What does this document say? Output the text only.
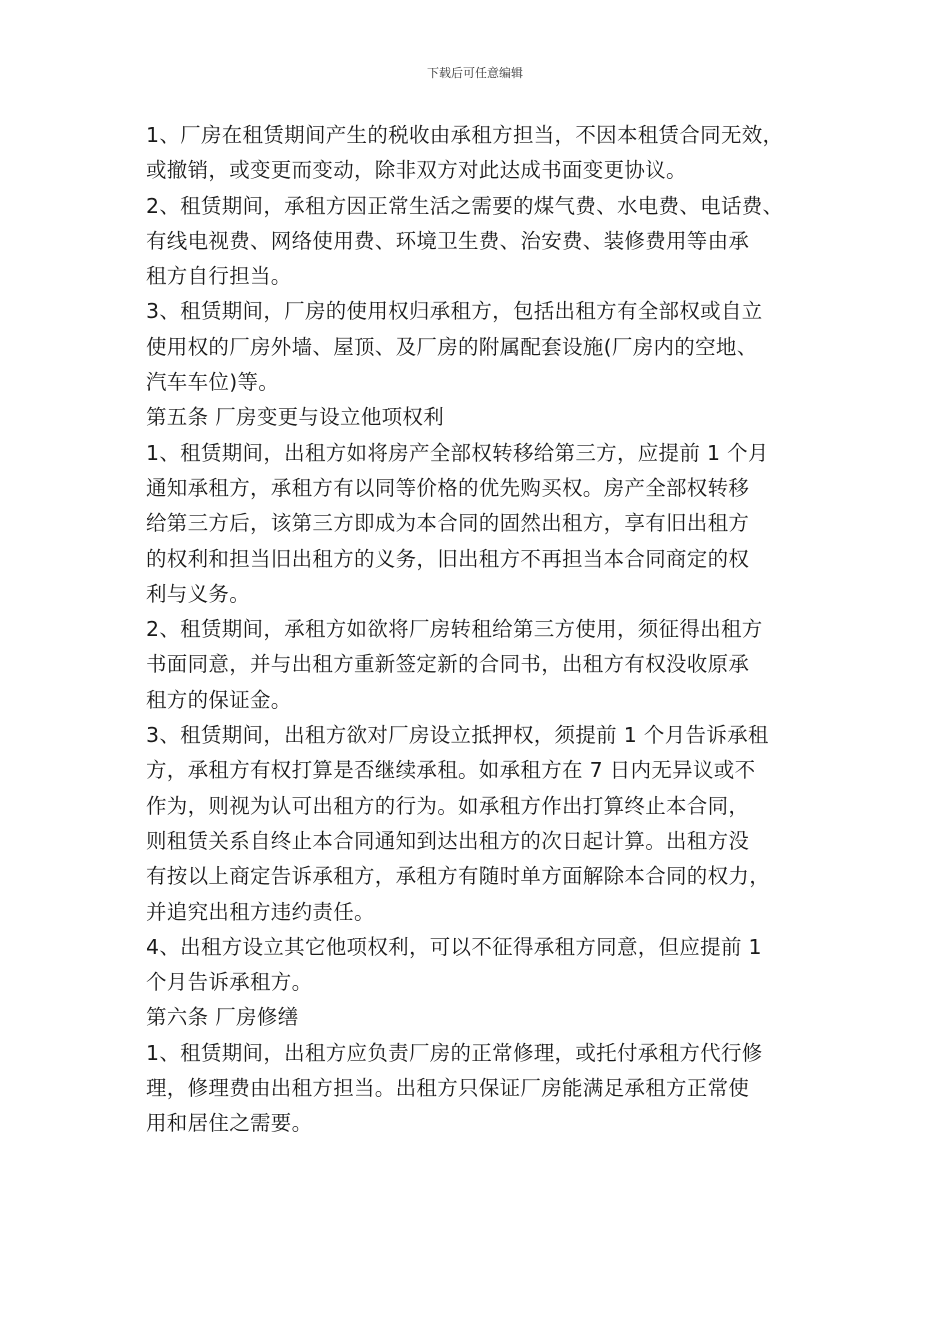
下载后可任意编辑

1、厂房在租赁期间产生的税收由承租方担当，不因本租赁合同无效，
或撤销，或变更而变动，除非双方对此达成书面变更协议。

2、租赁期间，承租方因正常生活之需要的煤气费、水电费、电话费、
有线电视费、网络使用费、环境卫生费、治安费、装修费用等由承
租方自行担当。

3、租赁期间，厂房的使用权归承租方，包括出租方有全部权或自立
使用权的厂房外墙、屋顶、及厂房的附属配套设施(厂房内的空地、
汽车车位)等。

第五条 厂房变更与设立他项权利

1、租赁期间，出租方如将房产全部权转移给第三方，应提前 1 个月
通知承租方，承租方有以同等价格的优先购买权。房产全部权转移
给第三方后，该第三方即成为本合同的固然出租方，享有旧出租方
的权利和担当旧出租方的义务，旧出租方不再担当本合同商定的权
利与义务。

2、租赁期间，承租方如欲将厂房转租给第三方使用，须征得出租方
书面同意，并与出租方重新签定新的合同书，出租方有权没收原承
租方的保证金。

3、租赁期间，出租方欲对厂房设立抵押权，须提前 1 个月告诉承租
方，承租方有权打算是否继续承租。如承租方在 7 日内无异议或不
作为，则视为认可出租方的行为。如承租方作出打算终止本合同，
则租赁关系自终止本合同通知到达出租方的次日起计算。出租方没
有按以上商定告诉承租方，承租方有随时单方面解除本合同的权力，
并追究出租方违约责任。

4、出租方设立其它他项权利，可以不征得承租方同意，但应提前 1
个月告诉承租方。

第六条 厂房修缮

1、租赁期间，出租方应负责厂房的正常修理，或托付承租方代行修
理，修理费由出租方担当。出租方只保证厂房能满足承租方正常使
用和居住之需要。
